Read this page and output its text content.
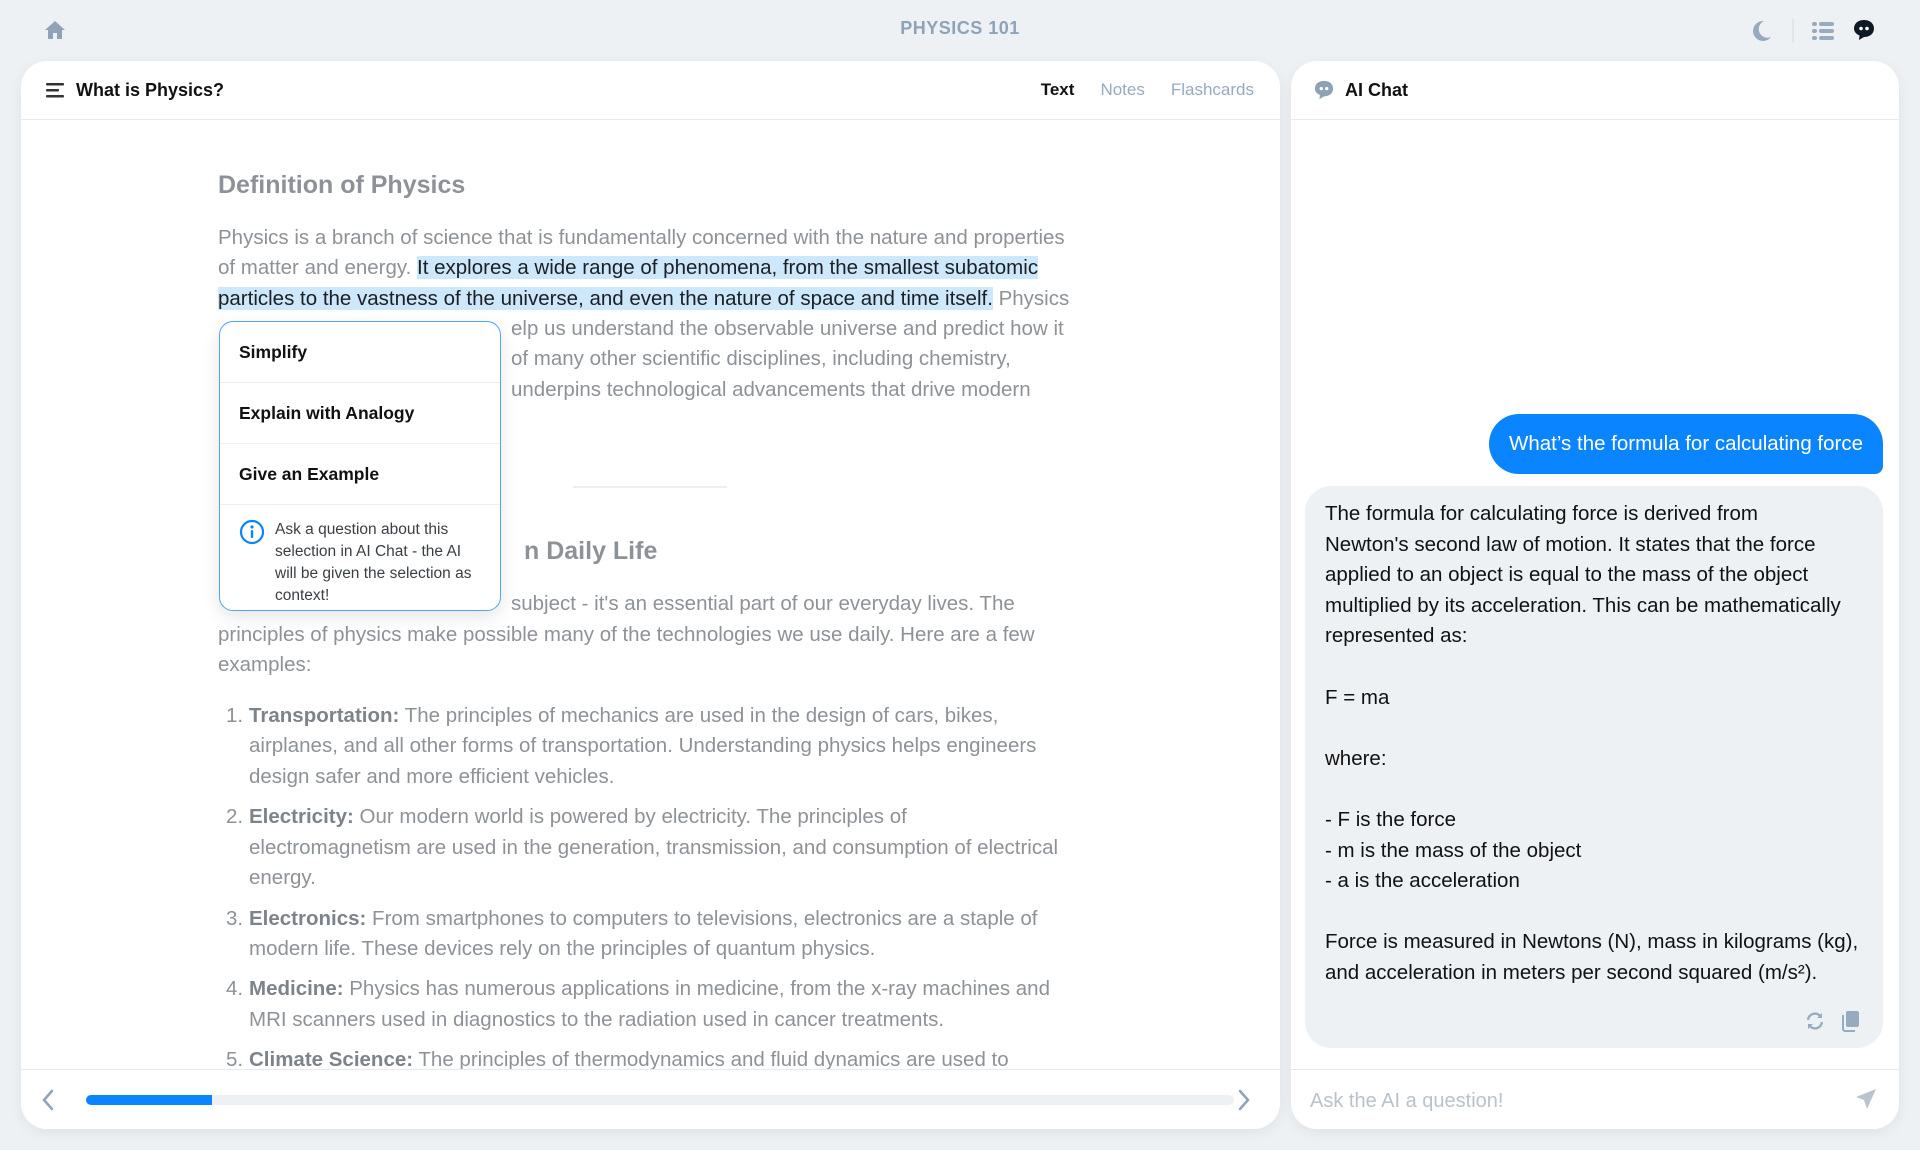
PHYSICS 101
What is Physics?	Text Notes Flashcards
Definition of Physics
Physics is a branch of science that is fundamentally concerned with the nature and properties
of matter and energy. It explores a wide range of phenomena, from the smallest subatomic
particles to the vastness of the universe, and even the nature of space and time itself. Physics
elp us understand the observable universe and predict how it
of many other scientific disciplines, including chemistry,
underpins technological advancements that drive modern
n Daily Life
subject - it's an essential part of our everyday lives. The
principles of physics make possible many of the technologies we use daily. Here are a few
examples:
1. Transportation: The principles of mechanics are used in the design of cars, bikes,
airplanes, and all other forms of transportation. Understanding physics helps engineers
design safer and more efficient vehicles.
2. Electricity: Our modern world is powered by electricity. The principles of
electromagnetism are used in the generation, transmission, and consumption of electrical
energy.
3. Electronics: From smartphones to computers to televisions, electronics are a staple of
modern life. These devices rely on the principles of quantum physics.
4. Medicine: Physics has numerous applications in medicine, from the x-ray machines and
MRI scanners used in diagnostics to the radiation used in cancer treatments.
5. Climate Science: The principles of thermodynamics and fluid dynamics are used to
Simplify
Explain with Analogy
Give an Example
Ask a question about this selection in AI Chat - the AI will be given the selection as context!
AI Chat
What’s the formula for calculating force
The formula for calculating force is derived from
Newton's second law of motion. It states that the force
applied to an object is equal to the mass of the object
multiplied by its acceleration. This can be mathematically
represented as:
F = ma
where:
- F is the force
- m is the mass of the object
- a is the acceleration
Force is measured in Newtons (N), mass in kilograms (kg),
and acceleration in meters per second squared (m/s²).
Ask the AI a question!
